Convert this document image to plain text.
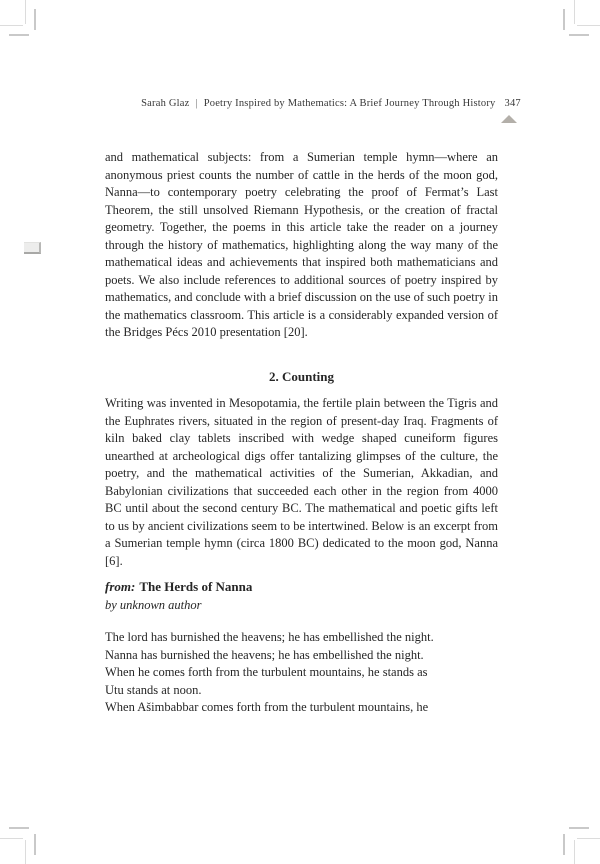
Sarah Glaz | Poetry Inspired by Mathematics: A Brief Journey Through History 347

and mathematical subjects: from a Sumerian temple hymn—where an anonymous priest counts the number of cattle in the herds of the moon god, Nanna—to contemporary poetry celebrating the proof of Fermat’s Last Theorem, the still unsolved Riemann Hypothesis, or the creation of fractal geometry. Together, the poems in this article take the reader on a journey through the history of mathematics, highlighting along the way many of the mathematical ideas and achievements that inspired both mathematicians and poets. We also include references to additional sources of poetry inspired by mathematics, and conclude with a brief discussion on the use of such poetry in the mathematics classroom. This article is a considerably expanded version of the Bridges Pécs 2010 presentation [20].

2. Counting

Writing was invented in Mesopotamia, the fertile plain between the Tigris and the Euphrates rivers, situated in the region of present-day Iraq. Fragments of kiln baked clay tablets inscribed with wedge shaped cuneiform figures unearthed at archeological digs offer tantalizing glimpses of the culture, the poetry, and the mathematical activities of the Sumerian, Akkadian, and Babylonian civilizations that succeeded each other in the region from 4000 BC until about the second century BC. The mathematical and poetic gifts left to us by ancient civilizations seem to be intertwined. Below is an excerpt from a Sumerian temple hymn (circa 1800 BC) dedicated to the moon god, Nanna [6].

from: The Herds of Nanna
by unknown author
The lord has burnished the heavens; he has embellished the night.
Nanna has burnished the heavens; he has embellished the night.
When he comes forth from the turbulent mountains, he stands as
Utu stands at noon.
When Ašimbabbar comes forth from the turbulent mountains, he
